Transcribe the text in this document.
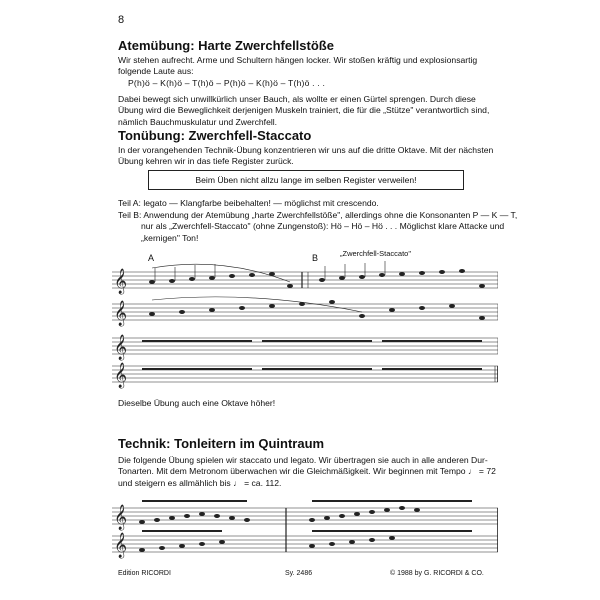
8
Atemübung: Harte Zwerchfellstöße

Wir stehen aufrecht. Arme und Schultern hängen locker. Wir stoßen kräftig und explosionsartig folgende Laute aus:

P(h)ö – K(h)ö – T(h)ö – P(h)ö – K(h)ö – T(h)ö . . .

Dabei bewegt sich unwillkürlich unser Bauch, als wollte er einen Gürtel sprengen. Durch diese Übung wird die Beweglichkeit derjenigen Muskeln trainiert, die für die „Stütze" verantwortlich sind, nämlich Bauchmuskulatur und Zwerchfell.

Tonübung: Zwerchfell-Staccato

In der vorangehenden Technik-Übung konzentrieren wir uns auf die dritte Oktave. Mit der nächsten Übung kehren wir in das tiefe Register zurück.

Beim Üben nicht allzu lange im selben Register verweilen!

Teil A: legato — Klangfarbe beibehalten! — möglichst mit crescendo.

Teil B: Anwendung der Atemübung „harte Zwerchfellstöße", allerdings ohne die Konsonanten P — K — T, nur als „Zwerchfell-Staccato" (ohne Zungenstoß): Hö – Hö – Hö . . . Möglichst klare Attacke und „kernigen" Ton!

A	B	„Zwerchfell-Staccato"
𝄞
𝄞
𝄞
𝄞

Dieselbe Übung auch eine Oktave höher!

Technik: Tonleitern im Quintraum

Die folgende Übung spielen wir staccato und legato. Wir übertragen sie auch in alle anderen Dur-Tonarten. Mit dem Metronom überwachen wir die Gleichmäßigkeit. Wir beginnen mit Tempo ♩ = 72 und steigern es allmählich bis ♩ = ca. 112.

𝄞
𝄞
Edition RICORDI	Sy. 2486	© 1988 by G. RICORDI & CO.
